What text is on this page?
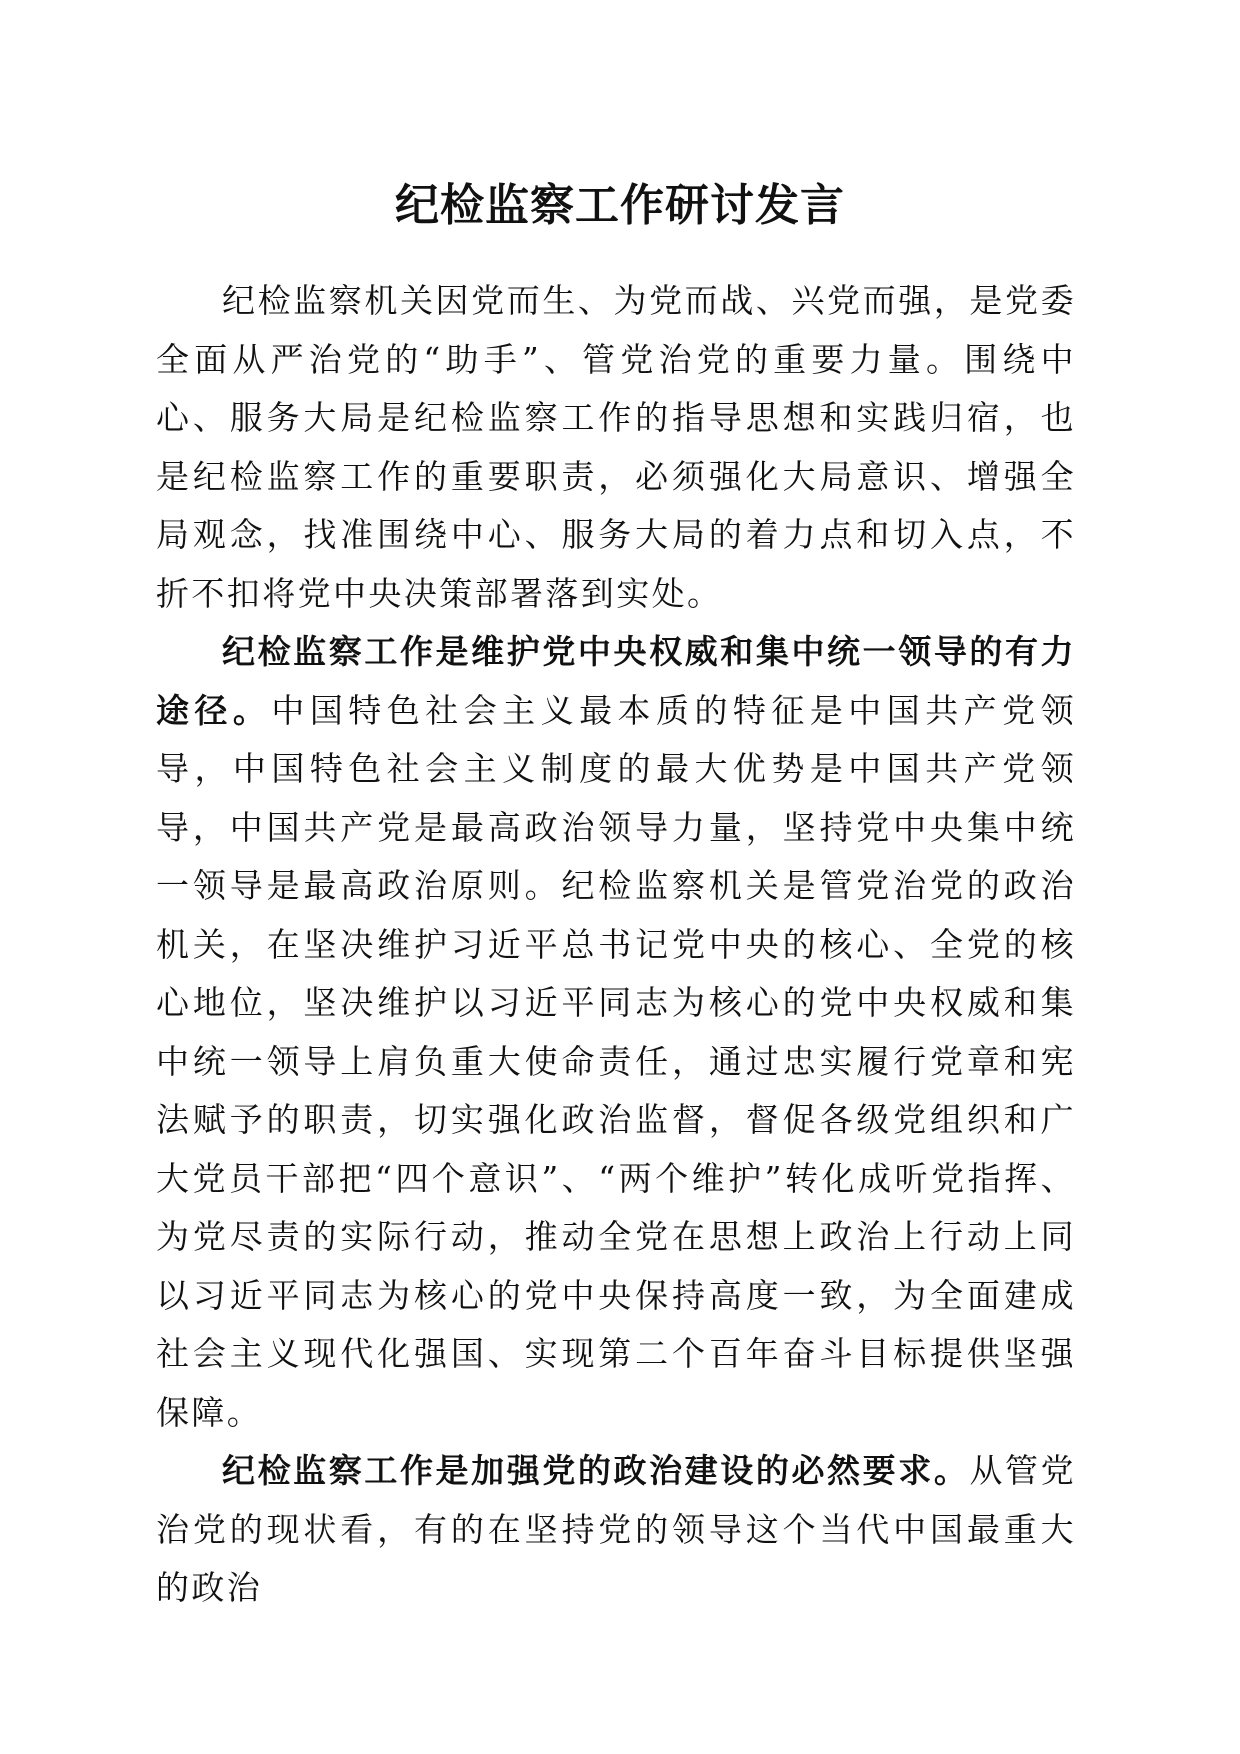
纪检监察工作研讨发言

纪检监察机关因党而生、为党而战、兴党而强，是党委全面从严治党的“助手”、管党治党的重要力量。围绕中心、服务大局是纪检监察工作的指导思想和实践归宿，也是纪检监察工作的重要职责，必须强化大局意识、增强全局观念，找准围绕中心、服务大局的着力点和切入点，不折不扣将党中央决策部署落到实处。

纪检监察工作是维护党中央权威和集中统一领导的有力途径。中国特色社会主义最本质的特征是中国共产党领导，中国特色社会主义制度的最大优势是中国共产党领导，中国共产党是最高政治领导力量，坚持党中央集中统一领导是最高政治原则。纪检监察机关是管党治党的政治机关，在坚决维护习近平总书记党中央的核心、全党的核心地位，坚决维护以习近平同志为核心的党中央权威和集中统一领导上肩负重大使命责任，通过忠实履行党章和宪法赋予的职责，切实强化政治监督，督促各级党组织和广大党员干部把“四个意识”、“两个维护”转化成听党指挥、为党尽责的实际行动，推动全党在思想上政治上行动上同以习近平同志为核心的党中央保持高度一致，为全面建成社会主义现代化强国、实现第二个百年奋斗目标提供坚强保障。

纪检监察工作是加强党的政治建设的必然要求。从管党治党的现状看，有的在坚持党的领导这个当代中国最重大的政治
